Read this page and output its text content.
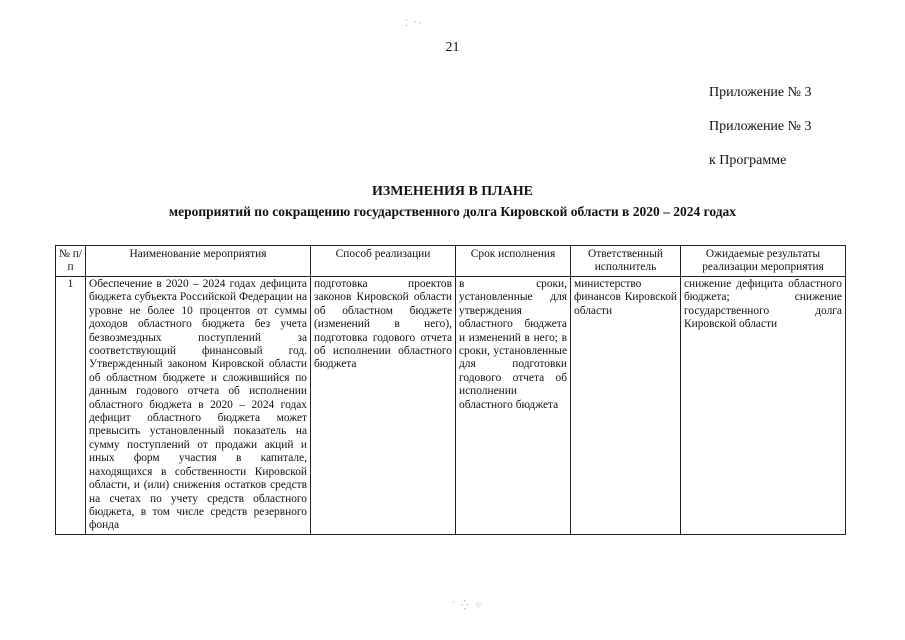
⁚ ˑ·
21
Приложение № 3
Приложение № 3
к Программе
ИЗМЕНЕНИЯ В ПЛАНЕ
мероприятий по сокращению государственного долга Кировской области в 2020 – 2024 годах
№ п/п	Наименование мероприятия	Способ реализации	Срок исполнения	Ответственный исполнитель	Ожидаемые результаты реализации мероприятия
1	Обеспечение в 2020 – 2024 годах дефицита бюджета субъекта Российской Федерации на уровне не более 10 процентов от суммы доходов областного бюджета без учета безвозмездных поступлений за соответствующий финансовый год. Утвержденный законом Кировской области об областном бюджете и сложившийся по данным годового отчета об исполнении областного бюджета в 2020 – 2024 годах дефицит областного бюджета может превысить установленный показатель на сумму поступлений от продажи акций и иных форм участия в капитале, находящихся в собственности Кировской области, и (или) снижения остатков средств на счетах по учету средств областного бюджета, в том числе средств резервного фонда	подготовка проектов законов Кировской области об областном бюджете (изменений в него), подготовка годового отчета об исполнении областного бюджета	в сроки, установленные для утверждения областного бюджета и изменений в него; в сроки, установленные для подготовки годового отчета об исполнении областного бюджета	министерство финансов Кировской области	снижение дефицита областного бюджета; снижение государственного долга Кировской области
˙ ⁛ ⁘
